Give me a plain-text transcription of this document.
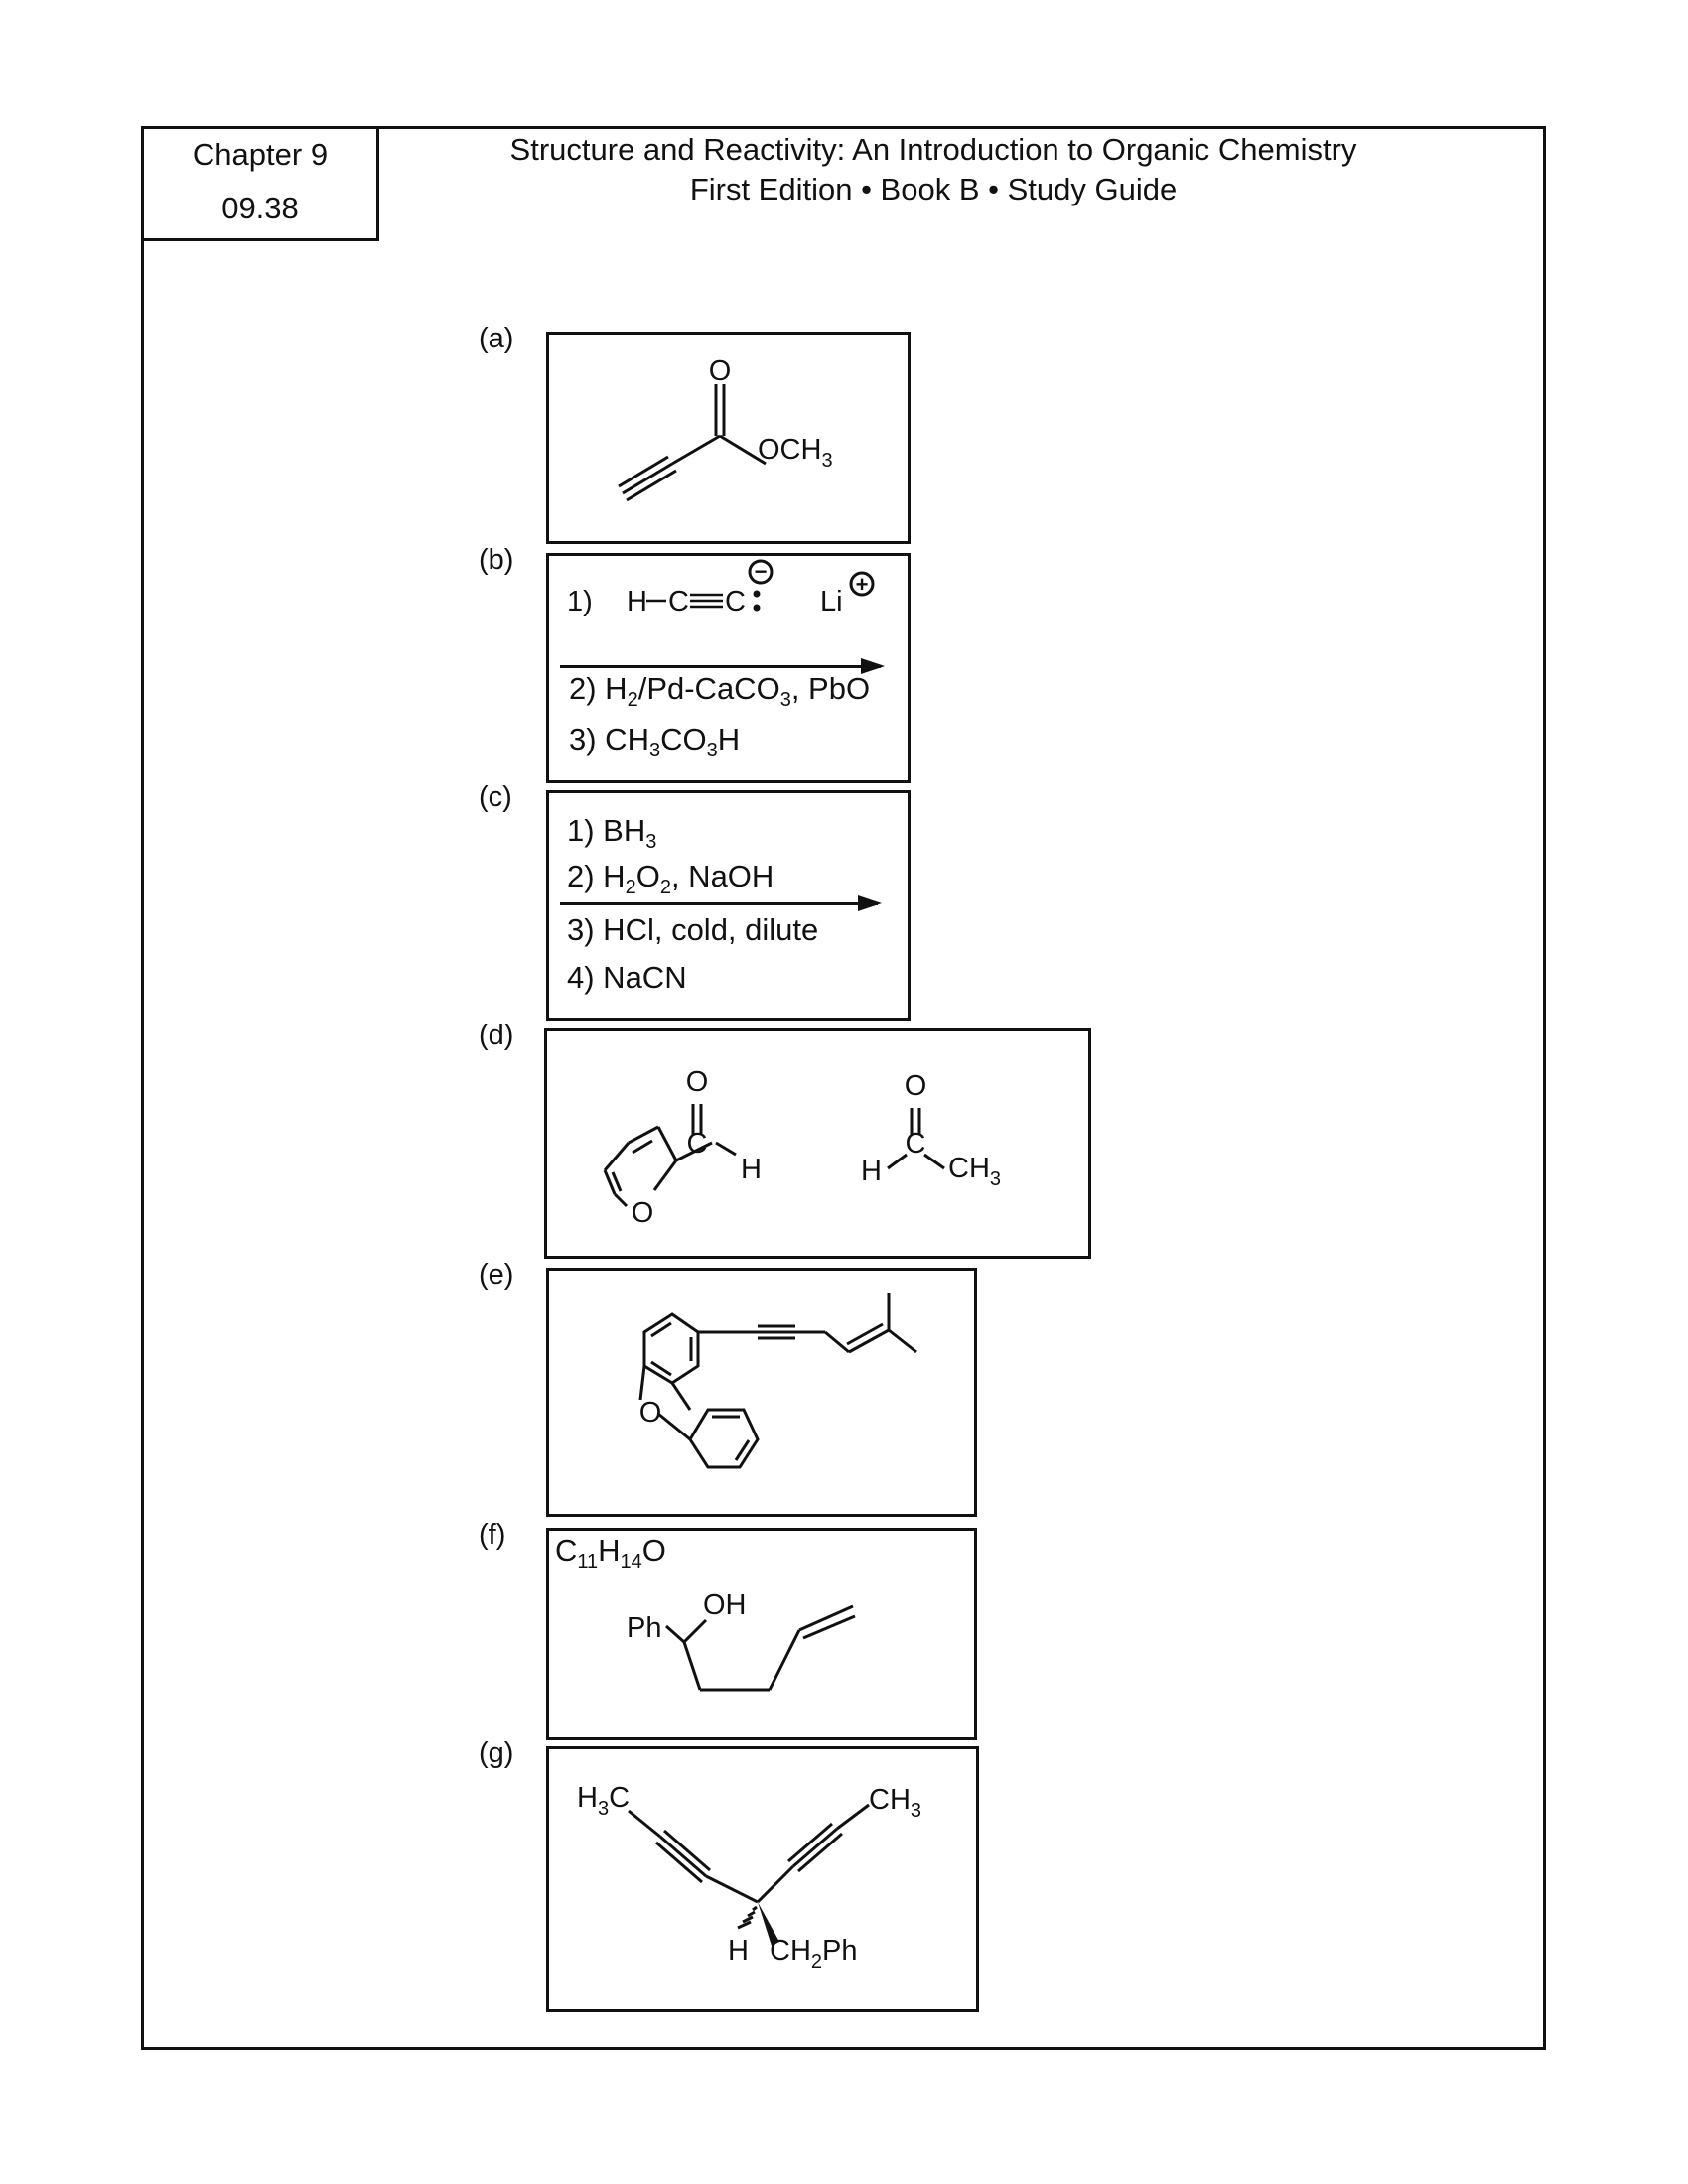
Chapter 9
09.38
Structure and Reactivity: An Introduction to Organic Chemistry
First Edition • Book B • Study Guide
(a)
O
$OCH_3$
(b)
1) H C C
−
Li
+
2) $H_2/Pd-CaCO_3$, PbO
3) $CH_3CO_3H$
(c)
1) $BH_3$
2) $H_2O_2$, NaOH
3) HCl, cold, dilute
4) NaCN
(d)
O
O
C
H
O
C
H $CH_3$
(e)
O
(f) $C_{11}H_{14}O$
Ph
OH
(g)
$H_3C$	$CH_3$
H $CH_2Ph$
